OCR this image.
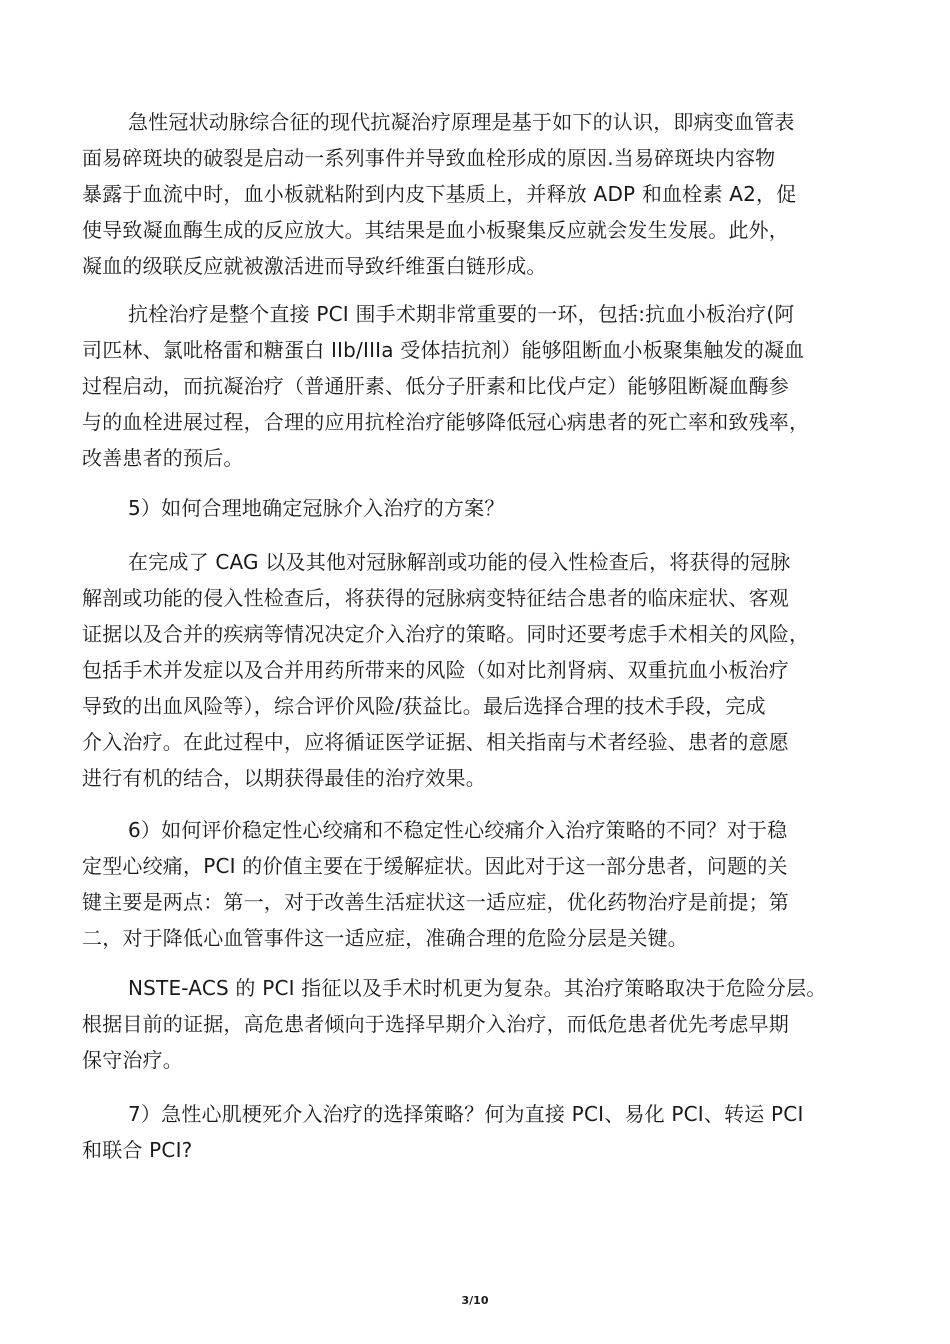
急性冠状动脉综合征的现代抗凝治疗原理是基于如下的认识，即病变血管表
面易碎斑块的破裂是启动一系列事件并导致血栓形成的原因.当易碎斑块内容物
暴露于血流中时，血小板就粘附到内皮下基质上，并释放 ADP 和血栓素 A2，促
使导致凝血酶生成的反应放大。其结果是血小板聚集反应就会发生发展。此外，
凝血的级联反应就被激活进而导致纤维蛋白链形成。
抗栓治疗是整个直接 PCI 围手术期非常重要的一环，包括:抗血小板治疗(阿
司匹林、氯吡格雷和糖蛋白 IIb/IIIa 受体拮抗剂）能够阻断血小板聚集触发的凝血
过程启动，而抗凝治疗（普通肝素、低分子肝素和比伐卢定）能够阻断凝血酶参
与的血栓进展过程，合理的应用抗栓治疗能够降低冠心病患者的死亡率和致残率，
改善患者的预后。
5）如何合理地确定冠脉介入治疗的方案？
在完成了 CAG 以及其他对冠脉解剖或功能的侵入性检查后，将获得的冠脉
解剖或功能的侵入性检查后，将获得的冠脉病变特征结合患者的临床症状、客观
证据以及合并的疾病等情况决定介入治疗的策略。同时还要考虑手术相关的风险，
包括手术并发症以及合并用药所带来的风险（如对比剂肾病、双重抗血小板治疗
导致的出血风险等），综合评价风险/获益比。最后选择合理的技术手段，完成
介入治疗。在此过程中，应将循证医学证据、相关指南与术者经验、患者的意愿
进行有机的结合，以期获得最佳的治疗效果。
6）如何评价稳定性心绞痛和不稳定性心绞痛介入治疗策略的不同？对于稳
定型心绞痛，PCI 的价值主要在于缓解症状。因此对于这一部分患者，问题的关
键主要是两点：第一，对于改善生活症状这一适应症，优化药物治疗是前提；第
二，对于降低心血管事件这一适应症，准确合理的危险分层是关键。
NSTE-ACS 的 PCI 指征以及手术时机更为复杂。其治疗策略取决于危险分层。
根据目前的证据，高危患者倾向于选择早期介入治疗，而低危患者优先考虑早期
保守治疗。
7）急性心肌梗死介入治疗的选择策略？何为直接 PCI、易化 PCI、转运 PCI
和联合 PCI?
3/10
